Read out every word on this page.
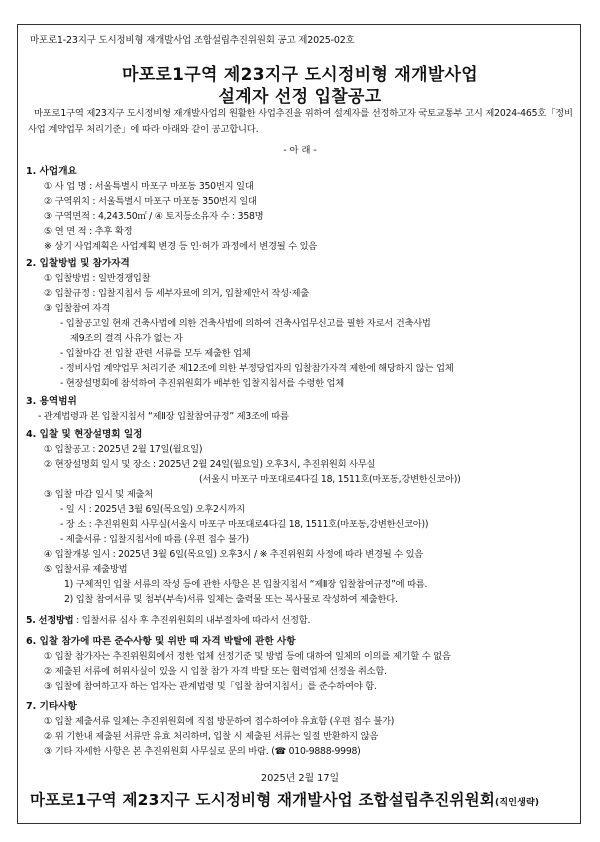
마포로1-23지구 도시정비형 재개발사업 조합설립추진위원회 공고 제2025-02호
마포로1구역 제23지구 도시정비형 재개발사업
설계자 선정 입찰공고
마포로1구역 제23지구 도시정비형 재개발사업의 원활한 사업추진을 위하여 설계자를 선정하고자 국토교통부 고시 제2024-465호「정비사업 계약업무 처리기준」에 따라 아래와 같이 공고합니다.
- 아 래 -
1. 사업개요
① 사 업 명 : 서울특별시 마포구 마포동 350번지 일대
② 구역위치 : 서울특별시 마포구 마포동 350번지 일대
③ 구역면적 : 4,243.50㎡ / ④ 토지등소유자 수 : 358명
⑤ 연 면 적 : 추후 확정
※ 상기 사업계획은 사업계획 변경 등 인·허가 과정에서 변경될 수 있음
2. 입찰방법 및 참가자격
① 입찰방법 : 일반경쟁입찰
② 입찰규정 : 입찰지침서 등 세부자료에 의거, 입찰제안서 작성·제출
③ 입찰참여 자격
- 입찰공고일 현재 건축사법에 의한 건축사법에 의하여 건축사업무신고를 필한 자로서 건축사법
제9조의 결격 사유가 없는 자
- 입찰마감 전 입찰 관련 서류를 모두 제출한 업체
- 정비사업 계약업무 처리기준 제12조에 의한 부정당업자의 입찰참가자격 제한에 해당하지 않는 업체
- 현장설명회에 참석하여 추진위원회가 배부한 입찰지침서를 수령한 업체
3. 용역범위
- 관계법령과 본 입찰지침서 “제Ⅱ장 입찰참여규정” 제3조에 따름
4. 입찰 및 현장설명회 일정
① 입찰공고 : 2025년 2월 17일(월요일)
② 현장설명회 일시 및 장소 : 2025년 2월 24일(월요일) 오후3시, 추진위원회 사무실
(서울시 마포구 마포대로4다길 18, 1511호(마포동,강변한신코아))
③ 입찰 마감 일시 및 제출처
- 일 시 : 2025년 3월 6일(목요일) 오후2시까지
- 장 소 : 추진위원회 사무실(서울시 마포구 마포대로4다길 18, 1511호(마포동,강변한신코아))
- 제출서류 : 입찰지침서에 따름 (우편 접수 불가)
④ 입찰개봉 일시 : 2025년 3월 6일(목요일) 오후3시 / ※ 추진위원회 사정에 따라 변경될 수 있음
⑤ 입찰서류 제출방법
1) 구체적인 입찰 서류의 작성 등에 관한 사항은 본 입찰지침서 “제Ⅱ장 입찰참여규정”에 따름.
2) 입찰 참여서류 및 첨부(부속)서류 일체는 출력물 또는 복사물로 작성하여 제출한다.
5. 선정방법 : 입찰서류 심사 후 추진위원회의 내부절차에 따라서 선정함.
6. 입찰 참가에 따른 준수사항 및 위반 때 자격 박탈에 관한 사항
① 입찰 참가자는 추진위원회에서 정한 업체 선정기준 및 방법 등에 대하여 일체의 이의를 제기할 수 없음
② 제출된 서류에 허위사실이 있을 시 입찰 참가 자격 박탈 또는 협력업체 선정을 취소함.
③ 입찰에 참여하고자 하는 업자는 관계법령 및「입찰 참여지침서」를 준수하여야 함.
7. 기타사항
① 입찰 제출서류 일체는 추진위원회에 직접 방문하여 접수하여야 유효함 (우편 접수 불가)
② 위 기한내 제출된 서류만 유효 처리하며, 입찰 시 제출된 서류는 일절 반환하지 않음
③ 기타 자세한 사항은 본 추진위원회 사무실로 문의 바람. (☎ 010-9888-9998)
2025년 2월 17일
마포로1구역 제23지구 도시정비형 재개발사업 조합설립추진위원회(직인생략)
